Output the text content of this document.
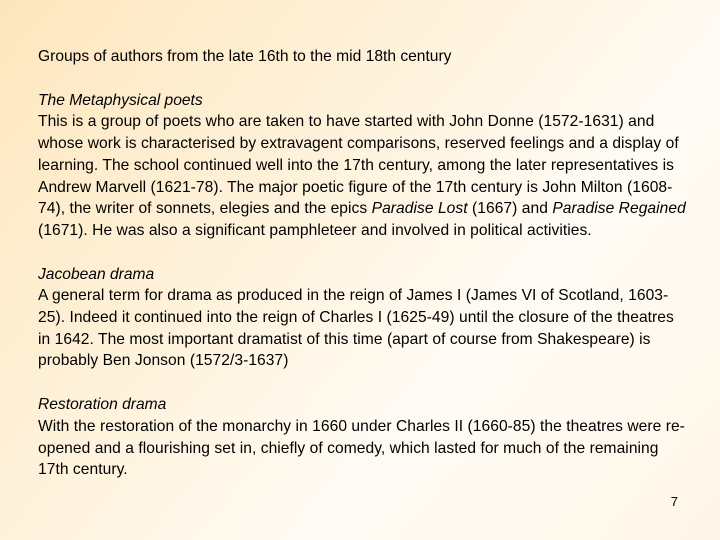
Groups of authors from the late 16th to the mid 18th century

The Metaphysical poets

This is a group of poets who are taken to have started with John Donne (1572-1631) and whose work is characterised by extravagent comparisons, reserved feelings and a display of learning. The school continued well into the 17th century, among the later representatives is Andrew Marvell (1621-78). The major poetic figure of the 17th century is John Milton (1608-74), the writer of sonnets, elegies and the epics Paradise Lost (1667) and Paradise Regained (1671). He was also a significant pamphleteer and involved in political activities.

Jacobean drama

A general term for drama as produced in the reign of James I (James VI of Scotland, 1603-25). Indeed it continued into the reign of Charles I (1625-49) until the closure of the theatres in 1642. The most important dramatist of this time (apart of course from Shakespeare) is probably Ben Jonson (1572/3-1637)

Restoration drama

With the restoration of the monarchy in 1660 under Charles II (1660-85) the theatres were re-opened and a flourishing set in, chiefly of comedy, which lasted for much of the remaining 17th century.

7
